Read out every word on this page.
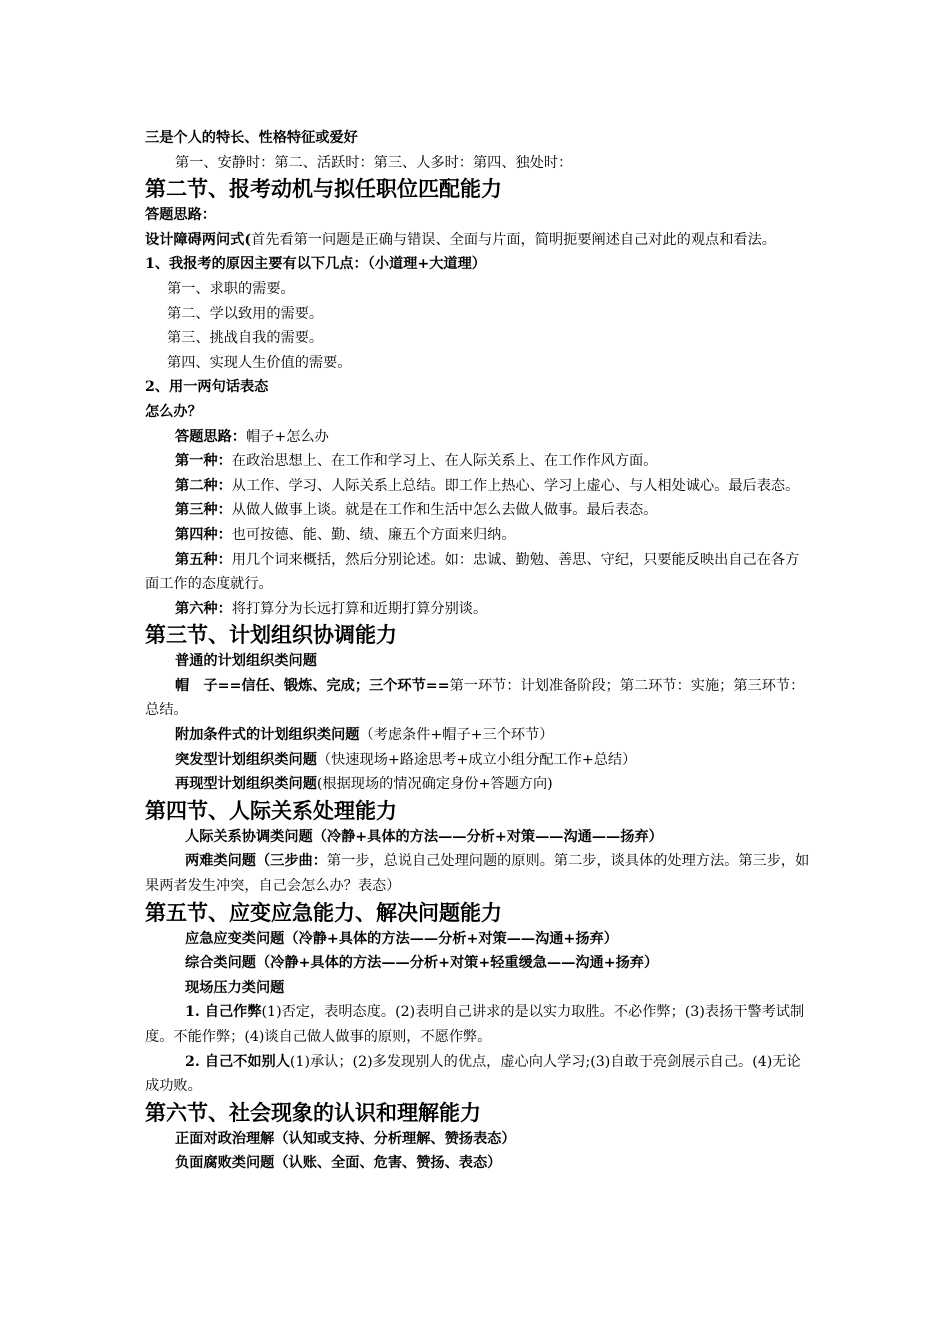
三是个人的特长、性格特征或爱好

第一、安静时：第二、活跃时：第三、人多时：第四、独处时：

第二节、报考动机与拟任职位匹配能力

答题思路：

设计障碍两问式(首先看第一问题是正确与错误、全面与片面，简明扼要阐述自己对此的观点和看法。

1、我报考的原因主要有以下几点：（小道理+大道理）

第一、求职的需要。

第二、学以致用的需要。

第三、挑战自我的需要。

第四、实现人生价值的需要。

2、用一两句话表态

怎么办？

答题思路：帽子+怎么办

第一种：在政治思想上、在工作和学习上、在人际关系上、在工作作风方面。

第二种：从工作、学习、人际关系上总结。即工作上热心、学习上虚心、与人相处诚心。最后表态。

第三种：从做人做事上谈。就是在工作和生活中怎么去做人做事。最后表态。

第四种：也可按德、能、勤、绩、廉五个方面来归纳。

第五种：用几个词来概括，然后分别论述。如：忠诚、勤勉、善思、守纪，只要能反映出自己在各方面工作的态度就行。

第六种：将打算分为长远打算和近期打算分别谈。

第三节、计划组织协调能力

普通的计划组织类问题

帽　子==信任、锻炼、完成；三个环节==第一环节：计划准备阶段；第二环节：实施；第三环节：总结。

附加条件式的计划组织类问题（考虑条件+帽子+三个环节）

突发型计划组织类问题（快速现场+路途思考+成立小组分配工作+总结）

再现型计划组织类问题(根据现场的情况确定身份+答题方向)

第四节、人际关系处理能力

人际关系协调类问题（冷静+具体的方法——分析+对策——沟通——扬弃）

两难类问题（三步曲：第一步，总说自己处理问题的原则。第二步，谈具体的处理方法。第三步，如果两者发生冲突，自己会怎么办？表态）

第五节、应变应急能力、解决问题能力

应急应变类问题（冷静+具体的方法——分析+对策——沟通+扬弃）

综合类问题（冷静+具体的方法——分析+对策+轻重缓急——沟通+扬弃）

现场压力类问题

1. 自己作弊(1)否定，表明态度。(2)表明自己讲求的是以实力取胜。不必作弊；(3)表扬干警考试制度。不能作弊；(4)谈自己做人做事的原则，不愿作弊。

2. 自己不如别人(1)承认；(2)多发现别人的优点，虚心向人学习;(3)自敢于亮剑展示自己。(4)无论成功败。

第六节、社会现象的认识和理解能力

正面对政治理解（认知或支持、分析理解、赞扬表态）

负面腐败类问题（认账、全面、危害、赞扬、表态）
